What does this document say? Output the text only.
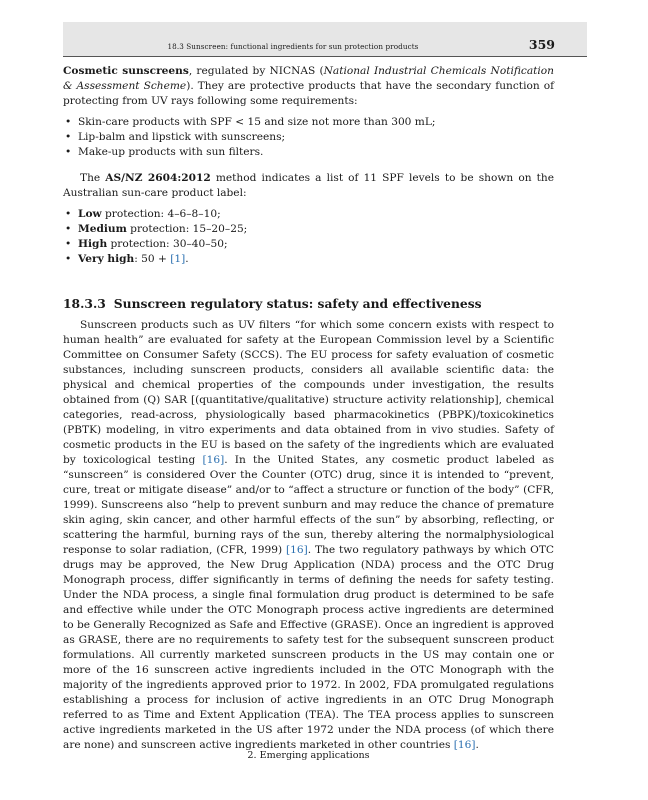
18.3 Sunscreen: functional ingredients for sun protection products	359

Cosmetic sunscreens, regulated by NICNAS (National Industrial Chemicals Notification & Assessment Scheme). They are protective products that have the secondary function of protecting from UV rays following some requirements:

• Skin-care products with SPF < 15 and size not more than 300 mL;
• Lip-balm and lipstick with sunscreens;
• Make-up products with sun filters.

The AS/NZ 2604:2012 method indicates a list of 11 SPF levels to be shown on the Australian sun-care product label:

• Low protection: 4–6–8–10;
• Medium protection: 15–20–25;
• High protection: 30–40–50;
• Very high: 50 + [1].
18.3.3 Sunscreen regulatory status: safety and effectiveness

Sunscreen products such as UV filters “for which some concern exists with respect to human health” are evaluated for safety at the European Commission level by a Scientific Committee on Consumer Safety (SCCS). The EU process for safety evaluation of cosmetic substances, including sunscreen products, considers all available scientific data: the physical and chemical properties of the compounds under investigation, the results obtained from (Q) SAR [(quantitative/qualitative) structure activity relationship], chemical categories, read-across, physiologically based pharmacokinetics (PBPK)/toxicokinetics (PBTK) modeling, in vitro experiments and data obtained from in vivo studies. Safety of cosmetic products in the EU is based on the safety of the ingredients which are evaluated by toxicological testing [16]. In the United States, any cosmetic product labeled as “sunscreen” is considered Over the Counter (OTC) drug, since it is intended to “prevent, cure, treat or mitigate disease” and/or to “affect a structure or function of the body” (CFR, 1999). Sunscreens also “help to prevent sunburn and may reduce the chance of premature skin aging, skin cancer, and other harmful effects of the sun” by absorbing, reflecting, or scattering the harmful, burning rays of the sun, thereby altering the normalphysiological response to solar radiation, (CFR, 1999) [16]. The two regulatory pathways by which OTC drugs may be approved, the New Drug Application (NDA) process and the OTC Drug Monograph process, differ significantly in terms of defining the needs for safety testing. Under the NDA process, a single final formulation drug product is determined to be safe and effective while under the OTC Monograph process active ingredients are determined to be Generally Recognized as Safe and Effective (GRASE). Once an ingredient is approved as GRASE, there are no requirements to safety test for the subsequent sunscreen product formulations. All currently marketed sunscreen products in the US may contain one or more of the 16 sunscreen active ingredients included in the OTC Monograph with the majority of the ingredients approved prior to 1972. In 2002, FDA promulgated regulations establishing a process for inclusion of active ingredients in an OTC Drug Monograph referred to as Time and Extent Application (TEA). The TEA process applies to sunscreen active ingredients marketed in the US after 1972 under the NDA process (of which there are none) and sunscreen active ingredients marketed in other countries [16].

2. Emerging applications
